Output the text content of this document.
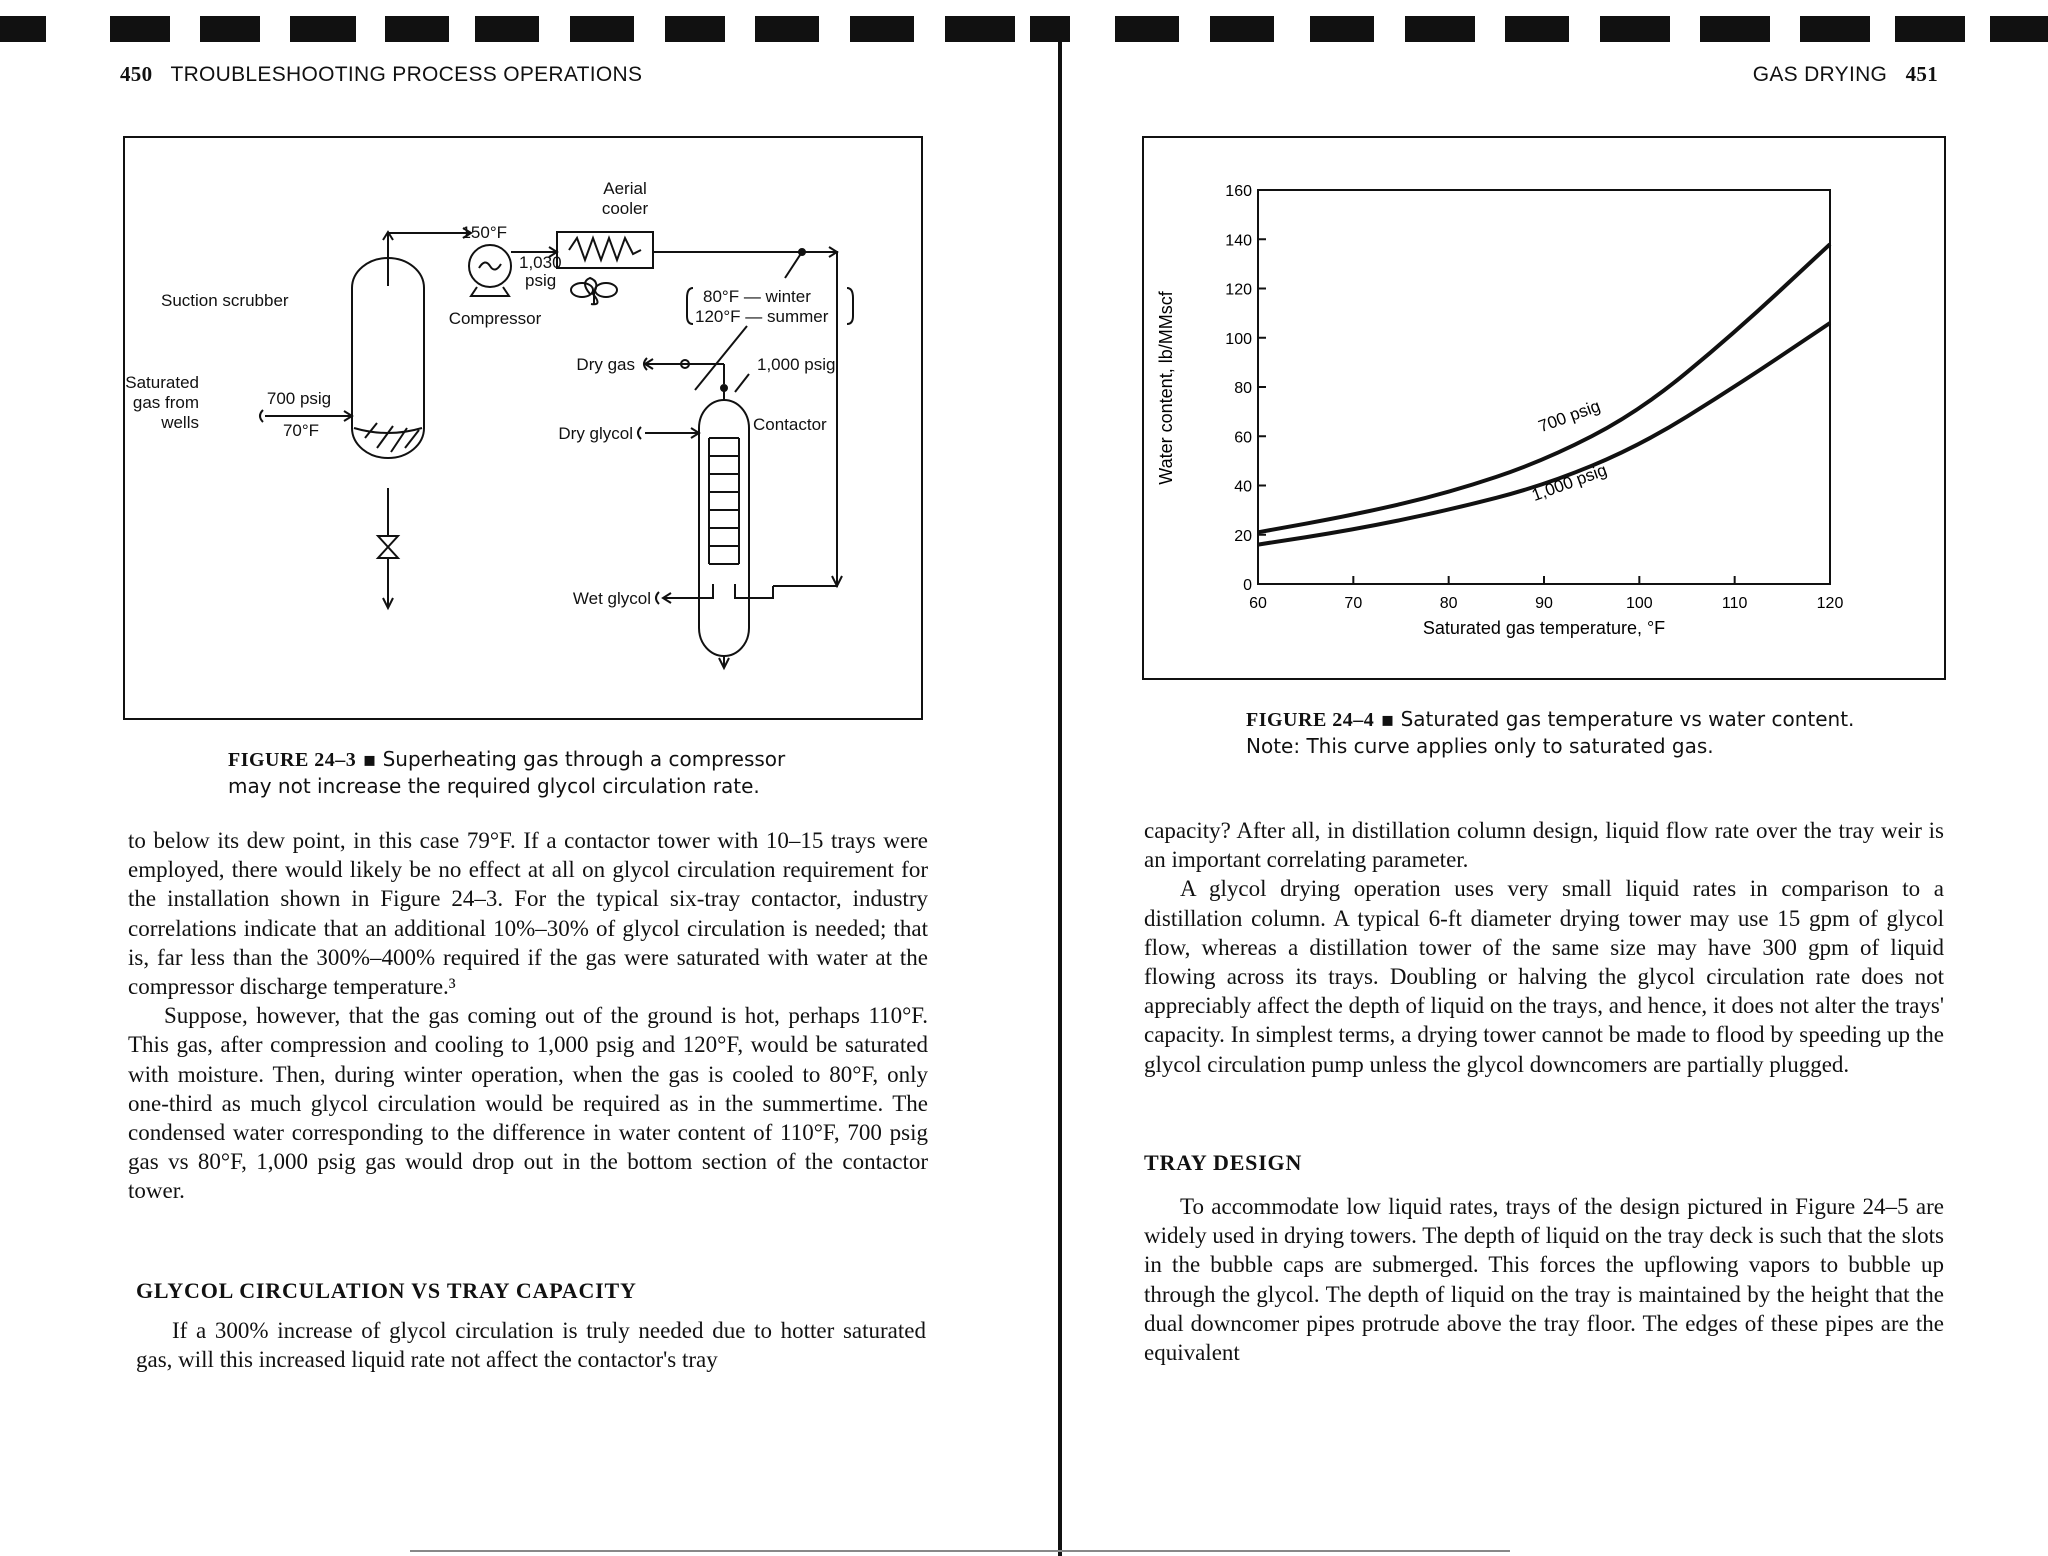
450 TROUBLESHOOTING PROCESS OPERATIONS
Aerial
cooler
150°F
1,030
psig
Compressor
Suction scrubber
Saturated
gas from
wells
700 psig
70°F
80°F — winter
120°F — summer
Dry gas	1,000 psig
Dry glycol	Contactor
Wet glycol
FIGURE 24–3 ▪ Superheating gas through a compressor
may not increase the required glycol circulation rate.

to below its dew point, in this case 79°F. If a contactor tower with 10–15 trays were employed, there would likely be no effect at all on glycol circulation requirement for the installation shown in Figure 24–3. For the typical six-tray contactor, industry correlations indicate that an additional 10%–30% of glycol circulation is needed; that is, far less than the 300%–400% required if the gas were saturated with water at the compressor discharge temperature.³

Suppose, however, that the gas coming out of the ground is hot, perhaps 110°F. This gas, after compression and cooling to 1,000 psig and 120°F, would be saturated with moisture. Then, during winter operation, when the gas is cooled to 80°F, only one-third as much glycol circulation would be required as in the summertime. The condensed water corresponding to the difference in water content of 110°F, 700 psig gas vs 80°F, 1,000 psig gas would drop out in the bottom section of the contactor tower.

GLYCOL CIRCULATION VS TRAY CAPACITY

If a 300% increase of glycol circulation is truly needed due to hotter saturated gas, will this increased liquid rate not affect the contactor's tray

GAS DRYING 451
0
20
40
60
80
100
120
140
160
60	70	80	90	100	110	120
700 psig
1,000 psig
Saturated gas temperature, °F
Water content, lb/MMscf
FIGURE 24–4 ▪ Saturated gas temperature vs water content. Note: This curve applies only to saturated gas.

capacity? After all, in distillation column design, liquid flow rate over the tray weir is an important correlating parameter.

A glycol drying operation uses very small liquid rates in comparison to a distillation column. A typical 6-ft diameter drying tower may use 15 gpm of glycol flow, whereas a distillation tower of the same size may have 300 gpm of liquid flowing across its trays. Doubling or halving the glycol circulation rate does not appreciably affect the depth of liquid on the trays, and hence, it does not alter the trays' capacity. In simplest terms, a drying tower cannot be made to flood by speeding up the glycol circulation pump unless the glycol downcomers are partially plugged.

TRAY DESIGN

To accommodate low liquid rates, trays of the design pictured in Figure 24–5 are widely used in drying towers. The depth of liquid on the tray deck is such that the slots in the bubble caps are submerged. This forces the upflowing vapors to bubble up through the glycol. The depth of liquid on the tray is maintained by the height that the dual downcomer pipes protrude above the tray floor. The edges of these pipes are the equivalent
